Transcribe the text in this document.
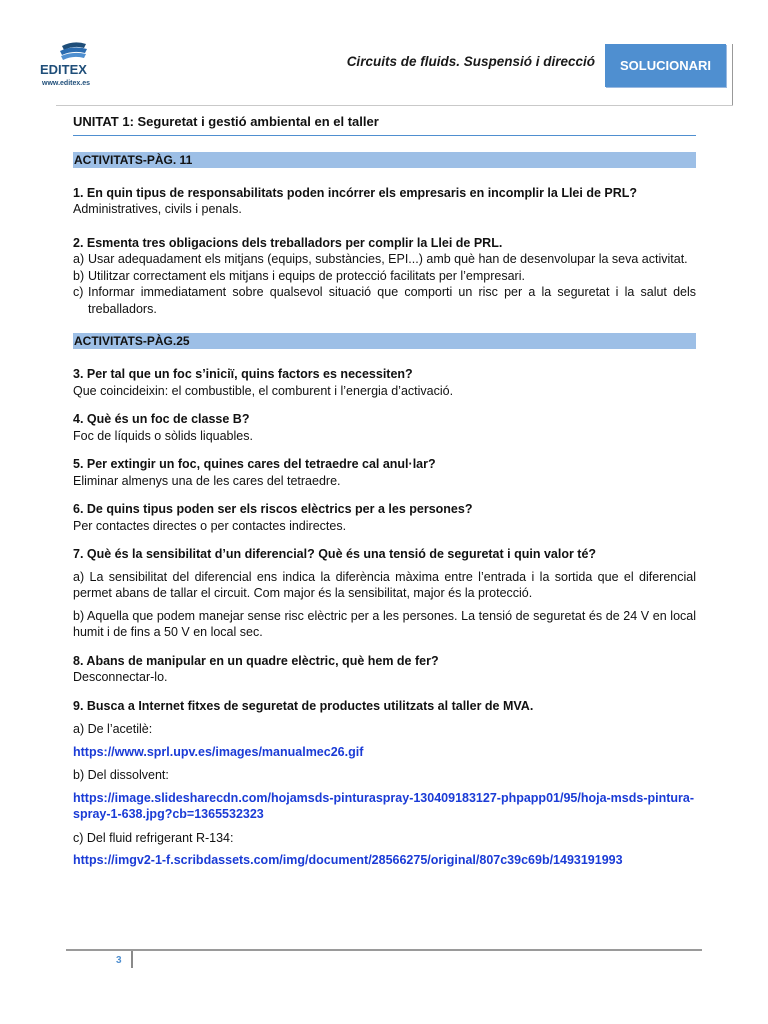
EDITEX
www.editex.es
Circuits de fluids. Suspensió i direcció	SOLUCIONARI
UNITAT 1: Seguretat i gestió ambiental en el taller
ACTIVITATS-PÀG. 11
1. En quin tipus de responsabilitats poden incórrer els empresaris en incomplir la Llei de PRL?
Administratives, civils i penals.
2. Esmenta tres obligacions dels treballadors per complir la Llei de PRL.
a) Usar adequadament els mitjans (equips, substàncies, EPI...) amb què han de desenvolupar la seva activitat.
b) Utilitzar correctament els mitjans i equips de protecció facilitats per l’empresari.
c) Informar immediatament sobre qualsevol situació que comporti un risc per a la seguretat i la salut dels treballadors.
ACTIVITATS-PÀG.25
3. Per tal que un foc s’iniciï, quins factors es necessiten?
Que coincideixin: el combustible, el comburent i l’energia d’activació.
4. Què és un foc de classe B?
Foc de líquids o sòlids liquables.
5. Per extingir un foc, quines cares del tetraedre cal anul·lar?
Eliminar almenys una de les cares del tetraedre.
6. De quins tipus poden ser els riscos elèctrics per a les persones?
Per contactes directes o per contactes indirectes.
7. Què és la sensibilitat d’un diferencial? Què és una tensió de seguretat i quin valor té?
a) La sensibilitat del diferencial ens indica la diferència màxima entre l’entrada i la sortida que el diferencial permet abans de tallar el circuit. Com major és la sensibilitat, major és la protecció.
b) Aquella que podem manejar sense risc elèctric per a les persones. La tensió de seguretat és de 24 V en local humit i de fins a 50 V en local sec.
8. Abans de manipular en un quadre elèctric, què hem de fer?
Desconnectar-lo.
9. Busca a Internet fitxes de seguretat de productes utilitzats al taller de MVA.
a) De l’acetilè:
https://www.sprl.upv.es/images/manualmec26.gif
b) Del dissolvent:
https://image.slidesharecdn.com/hojamsds-pinturaspray-130409183127-phpapp01/95/hoja-msds-pintura-spray-1-638.jpg?cb=1365532323
c) Del fluid refrigerant R-134:
https://imgv2-1-f.scribdassets.com/img/document/28566275/original/807c39c69b/1493191993
3
